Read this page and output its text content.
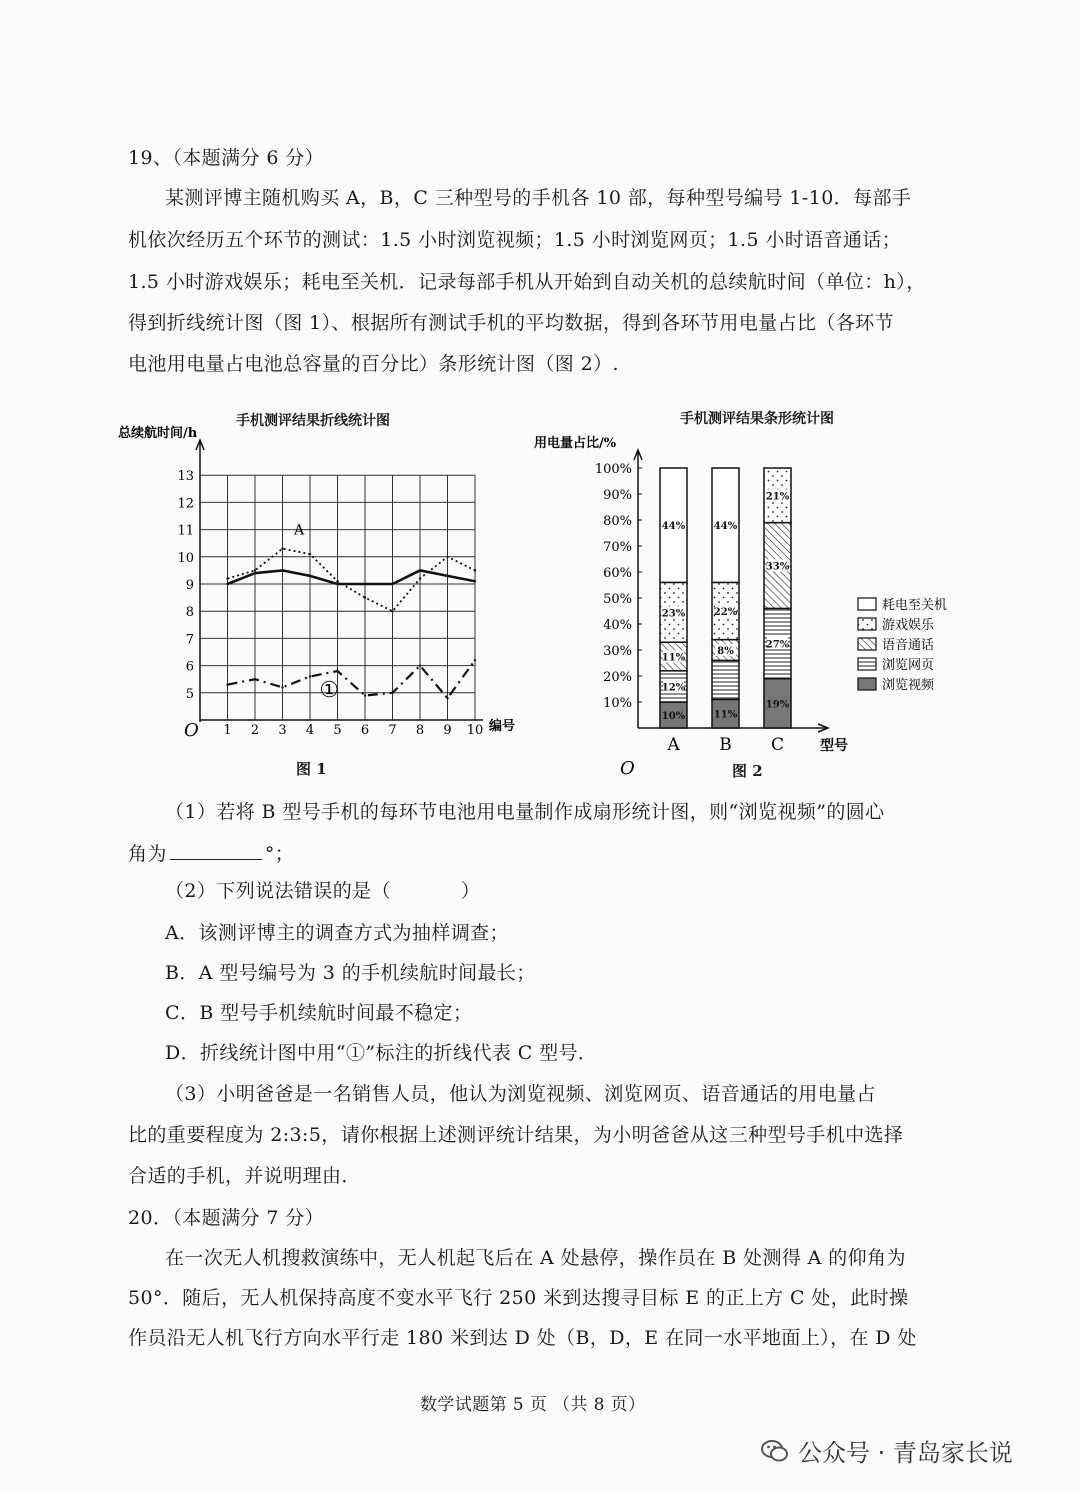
19、（本题满分 6 分）
某测评博主随机购买 A，B，C 三种型号的手机各 10 部，每种型号编号 1-10．每部手
机依次经历五个环节的测试：1.5 小时浏览视频；1.5 小时浏览网页；1.5 小时语音通话；
1.5 小时游戏娱乐；耗电至关机．记录每部手机从开始到自动关机的总续航时间（单位：h），
得到折线统计图（图 1）、根据所有测试手机的平均数据，得到各环节用电量占比（各环节
电池用电量占电池总容量的百分比）条形统计图（图 2）.
手机测评结果折线统计图
总续航时间/h
编号
O
5
6
7
8
9
10
11
12
13
1 2 3 4 5 6 7 8 9 10
A
①
图 1
手机测评结果条形统计图
用电量占比/%
型号
O
10%
20%
30%
40%
50%
60%
70%
80%
90%
100%
10%
12%
11%
23%
44%
A
11%
8%
22%
44%
B
19%
27%
33%
21%
C
耗电至关机
游戏娱乐
语音通话
浏览网页
浏览视频
图 2
（1）若将 B 型号手机的每环节电池用电量制作成扇形统计图，则“浏览视频”的圆心
角为	°；
（2）下列说法错误的是（	）
A．该测评博主的调查方式为抽样调查；
B．A 型号编号为 3 的手机续航时间最长；
C．B 型号手机续航时间最不稳定；
D．折线统计图中用“①”标注的折线代表 C 型号．
（3）小明爸爸是一名销售人员，他认为浏览视频、浏览网页、语音通话的用电量占
比的重要程度为 2:3:5，请你根据上述测评统计结果，为小明爸爸从这三种型号手机中选择
合适的手机，并说明理由．
20．（本题满分 7 分）
在一次无人机搜救演练中，无人机起飞后在 A 处悬停，操作员在 B 处测得 A 的仰角为
50°．随后，无人机保持高度不变水平飞行 250 米到达搜寻目标 E 的正上方 C 处，此时操
作员沿无人机飞行方向水平行走 180 米到达 D 处（B，D，E 在同一水平地面上），在 D 处
数学试题第 5 页 （共 8 页）
公众号 · 青岛家长说
